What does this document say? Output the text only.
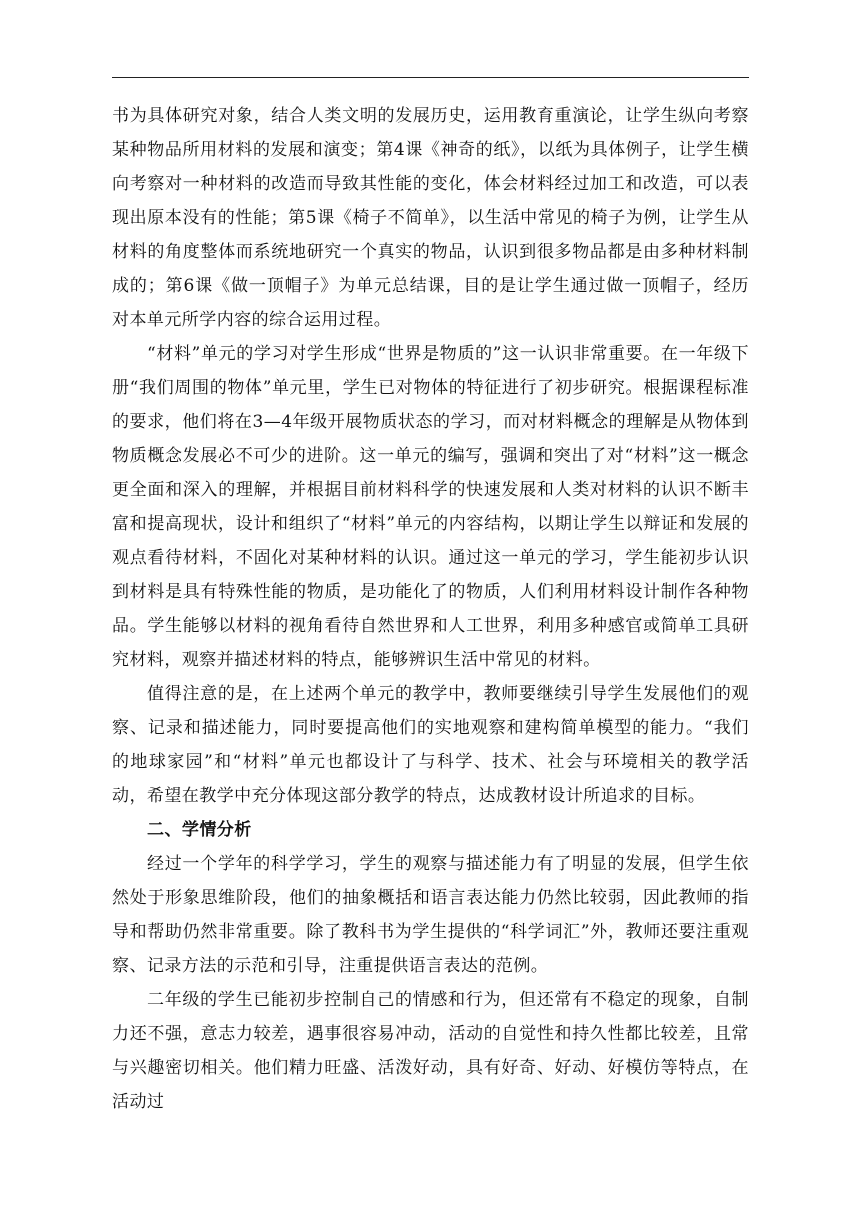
书为具体研究对象，结合人类文明的发展历史，运用教育重演论，让学生纵向考察某种物品所用材料的发展和演变；第4课《神奇的纸》，以纸为具体例子，让学生横向考察对一种材料的改造而导致其性能的变化，体会材料经过加工和改造，可以表现出原本没有的性能；第5课《椅子不简单》，以生活中常见的椅子为例，让学生从材料的角度整体而系统地研究一个真实的物品，认识到很多物品都是由多种材料制成的；第6课《做一顶帽子》为单元总结课，目的是让学生通过做一顶帽子，经历对本单元所学内容的综合运用过程。

“材料”单元的学习对学生形成“世界是物质的”这一认识非常重要。在一年级下册“我们周围的物体”单元里，学生已对物体的特征进行了初步研究。根据课程标准的要求，他们将在3—4年级开展物质状态的学习，而对材料概念的理解是从物体到物质概念发展必不可少的进阶。这一单元的编写，强调和突出了对“材料”这一概念更全面和深入的理解，并根据目前材料科学的快速发展和人类对材料的认识不断丰富和提高现状，设计和组织了“材料”单元的内容结构，以期让学生以辩证和发展的观点看待材料，不固化对某种材料的认识。通过这一单元的学习，学生能初步认识到材料是具有特殊性能的物质，是功能化了的物质，人们利用材料设计制作各种物品。学生能够以材料的视角看待自然世界和人工世界，利用多种感官或简单工具研究材料，观察并描述材料的特点，能够辨识生活中常见的材料。

值得注意的是，在上述两个单元的教学中，教师要继续引导学生发展他们的观察、记录和描述能力，同时要提高他们的实地观察和建构简单模型的能力。“我们的地球家园”和“材料”单元也都设计了与科学、技术、社会与环境相关的教学活动，希望在教学中充分体现这部分教学的特点，达成教材设计所追求的目标。

二、学情分析

经过一个学年的科学学习，学生的观察与描述能力有了明显的发展，但学生依然处于形象思维阶段，他们的抽象概括和语言表达能力仍然比较弱，因此教师的指导和帮助仍然非常重要。除了教科书为学生提供的“科学词汇”外，教师还要注重观察、记录方法的示范和引导，注重提供语言表达的范例。

二年级的学生已能初步控制自己的情感和行为，但还常有不稳定的现象，自制力还不强，意志力较差，遇事很容易冲动，活动的自觉性和持久性都比较差，且常与兴趣密切相关。他们精力旺盛、活泼好动，具有好奇、好动、好模仿等特点，在活动过
